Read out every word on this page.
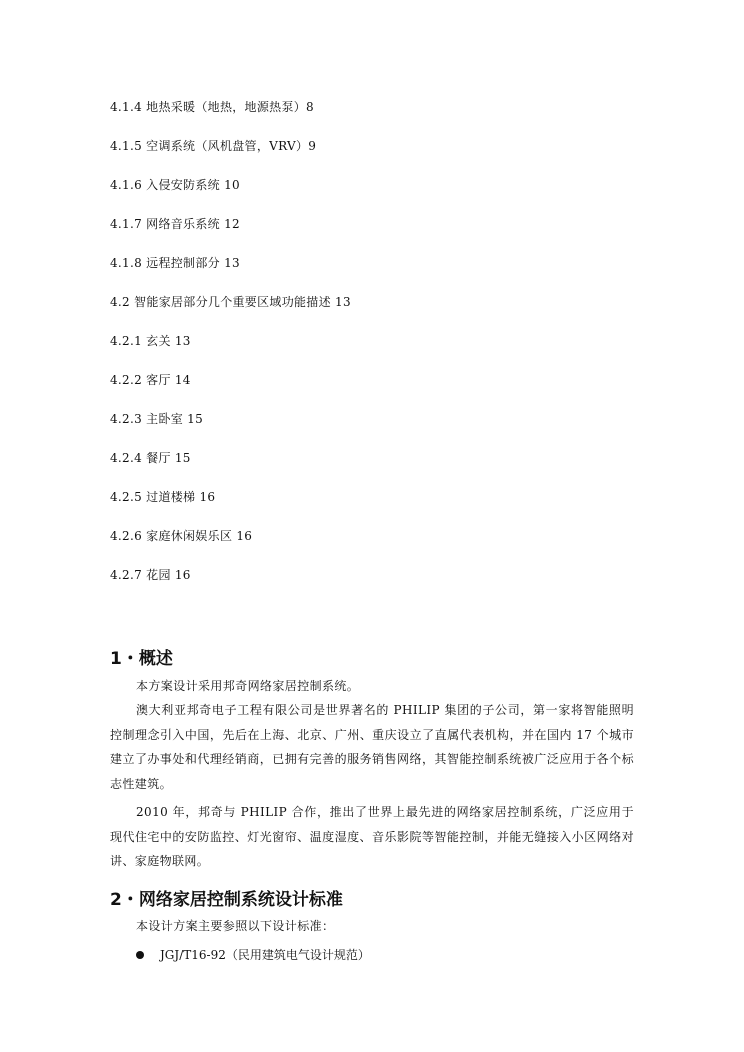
4.1.4 地热采暖（地热，地源热泵）8
4.1.5 空调系统（风机盘管，VRV）9
4.1.6 入侵安防系统 10
4.1.7 网络音乐系统 12
4.1.8 远程控制部分 13
4.2 智能家居部分几个重要区域功能描述 13
4.2.1 玄关 13
4.2.2 客厅 14
4.2.3 主卧室 15
4.2.4 餐厅 15
4.2.5 过道楼梯 16
4.2.6 家庭休闲娱乐区 16
4.2.7 花园 16
1・概述
本方案设计采用邦奇网络家居控制系统。
澳大利亚邦奇电子工程有限公司是世界著名的 PHILIP 集团的子公司，第一家将智能照明控制理念引入中国，先后在上海、北京、广州、重庆设立了直属代表机构，并在国内 17 个城市建立了办事处和代理经销商，已拥有完善的服务销售网络，其智能控制系统被广泛应用于各个标志性建筑。
2010 年，邦奇与 PHILIP 合作，推出了世界上最先进的网络家居控制系统，广泛应用于现代住宅中的安防监控、灯光窗帘、温度湿度、音乐影院等智能控制，并能无缝接入小区网络对讲、家庭物联网。
2・网络家居控制系统设计标准
本设计方案主要参照以下设计标准：
JGJ/T16-92（民用建筑电气设计规范）
